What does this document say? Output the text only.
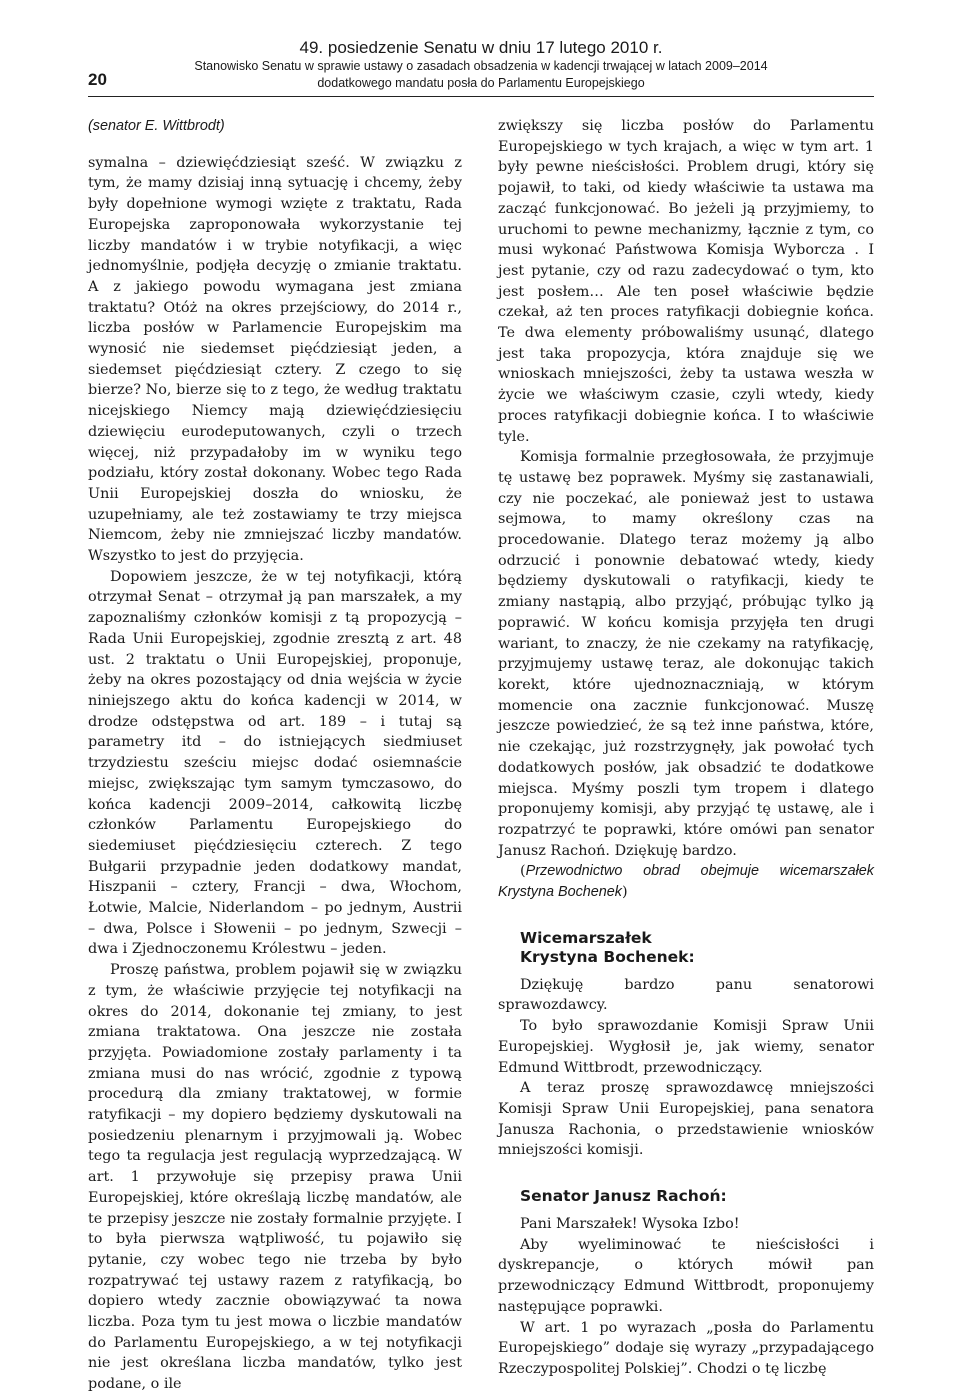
20
49. posiedzenie Senatu w dniu 17 lutego 2010 r.
Stanowisko Senatu w sprawie ustawy o zasadach obsadzenia w kadencji trwającej w latach 2009–2014
dodatkowego mandatu posła do Parlamentu Europejskiego
(senator E. Wittbrodt)

symalna – dziewięćdziesiąt sześć. W związku z tym, że mamy dzisiaj inną sytuację i chcemy, żeby były dopełnione wymogi wzięte z traktatu, Rada Europejska zaproponowała wykorzystanie tej liczby mandatów i w trybie notyfikacji, a więc jednomyślnie, podjęła decyzję o zmianie traktatu. A z jakiego powodu wymagana jest zmiana traktatu? Otóż na okres przejściowy, do 2014 r., liczba posłów w Parlamencie Europejskim ma wynosić nie siedemset pięćdziesiąt jeden, a siedemset pięćdziesiąt cztery. Z czego to się bierze? No, bierze się to z tego, że według traktatu nicejskiego Niemcy mają dziewięćdziesięciu dziewięciu eurodeputowanych, czyli o trzech więcej, niż przypadałoby im w wyniku tego podziału, który został dokonany. Wobec tego Rada Unii Europejskiej doszła do wniosku, że uzupełniamy, ale też zostawiamy te trzy miejsca Niemcom, żeby nie zmniejszać liczby mandatów. Wszystko to jest do przyjęcia.

Dopowiem jeszcze, że w tej notyfikacji, którą otrzymał Senat – otrzymał ją pan marszałek, a my zapoznaliśmy członków komisji z tą propozycją – Rada Unii Europejskiej, zgodnie zresztą z art. 48 ust. 2 traktatu o Unii Europejskiej, proponuje, żeby na okres pozostający od dnia wejścia w życie niniejszego aktu do końca kadencji w 2014, w drodze odstępstwa od art. 189 – i tutaj są parametry itd – do istniejących siedmiuset trzydziestu sześciu miejsc dodać osiemnaście miejsc, zwiększając tym samym tymczasowo, do końca kadencji 2009–2014, całkowitą liczbę członków Parlamentu Europejskiego do siedemiuset pięćdziesięciu czterech. Z tego Bułgarii przypadnie jeden dodatkowy mandat, Hiszpanii – cztery, Francji – dwa, Włochom, Łotwie, Malcie, Niderlandom – po jednym, Austrii – dwa, Polsce i Słowenii – po jednym, Szwecji – dwa i Zjednoczonemu Królestwu – jeden.

Proszę państwa, problem pojawił się w związku z tym, że właściwie przyjęcie tej notyfikacji na okres do 2014, dokonanie tej zmiany, to jest zmiana traktatowa. Ona jeszcze nie została przyjęta. Powiadomione zostały parlamenty i ta zmiana musi do nas wrócić, zgodnie z typową procedurą dla zmiany traktatowej, w formie ratyfikacji – my dopiero będziemy dyskutowali na posiedzeniu plenarnym i przyjmowali ją. Wobec tego ta regulacja jest regulacją wyprzedzającą. W art. 1 przywołuje się przepisy prawa Unii Europejskiej, które określają liczbę mandatów, ale te przepisy jeszcze nie zostały formalnie przyjęte. I to była pierwsza wątpliwość, tu pojawiło się pytanie, czy wobec tego nie trzeba by było rozpatrywać tej ustawy razem z ratyfikacją, bo dopiero wtedy zacznie obowiązywać ta nowa liczba. Poza tym tu jest mowa o liczbie mandatów do Parlamentu Europejskiego, a w tej notyfikacji nie jest określana liczba mandatów, tylko jest podane, o ile

zwiększy się liczba posłów do Parlamentu Europejskiego w tych krajach, a więc w tym art. 1 były pewne nieścisłości. Problem drugi, który się pojawił, to taki, od kiedy właściwie ta ustawa ma zacząć funkcjonować. Bo jeżeli ją przyjmiemy, to uruchomi to pewne mechanizmy, łącznie z tym, co musi wykonać Państwowa Komisja Wyborcza . I jest pytanie, czy od razu zadecydować o tym, kto jest posłem… Ale ten poseł właściwie będzie czekał, aż ten proces ratyfikacji dobiegnie końca. Te dwa elementy próbowaliśmy usunąć, dlatego jest taka propozycja, która znajduje się we wnioskach mniejszości, żeby ta ustawa weszła w życie we właściwym czasie, czyli wtedy, kiedy proces ratyfikacji dobiegnie końca. I to właściwie tyle.

Komisja formalnie przegłosowała, że przyjmuje tę ustawę bez poprawek. Myśmy się zastanawiali, czy nie poczekać, ale ponieważ jest to ustawa sejmowa, to mamy określony czas na procedowanie. Dlatego teraz możemy ją albo odrzucić i ponownie debatować wtedy, kiedy będziemy dyskutowali o ratyfikacji, kiedy te zmiany nastąpią, albo przyjąć, próbując tylko ją poprawić. W końcu komisja przyjęła ten drugi wariant, to znaczy, że nie czekamy na ratyfikację, przyjmujemy ustawę teraz, ale dokonując takich korekt, które ujednoznaczniają, w którym momencie ona zacznie funkcjonować. Muszę jeszcze powiedzieć, że są też inne państwa, które, nie czekając, już rozstrzygnęły, jak powołać tych dodatkowych posłów, jak obsadzić te dodatkowe miejsca. Myśmy poszli tym tropem i dlatego proponujemy komisji, aby przyjąć tę ustawę, ale i rozpatrzyć te poprawki, które omówi pan senator Janusz Rachoń. Dziękuję bardzo.

(Przewodnictwo obrad obejmuje wicemarszałek Krystyna Bochenek)

Wicemarszałek
Krystyna Bochenek:

Dziękuję bardzo panu senatorowi sprawozdawcy.

To było sprawozdanie Komisji Spraw Unii Europejskiej. Wygłosił je, jak wiemy, senator Edmund Wittbrodt, przewodniczący.

A teraz proszę sprawozdawcę mniejszości Komisji Spraw Unii Europejskiej, pana senatora Janusza Rachonia, o przedstawienie wniosków mniejszości komisji.

Senator Janusz Rachoń:

Pani Marszałek! Wysoka Izbo!

Aby wyeliminować te nieścisłości i dyskrepancje, o których mówił pan przewodniczący Edmund Wittbrodt, proponujemy następujące poprawki.

W art. 1 po wyrazach „posła do Parlamentu Europejskiego” dodaje się wyrazy „przypadającego Rzeczypospolitej Polskiej”. Chodzi o tę liczbę
